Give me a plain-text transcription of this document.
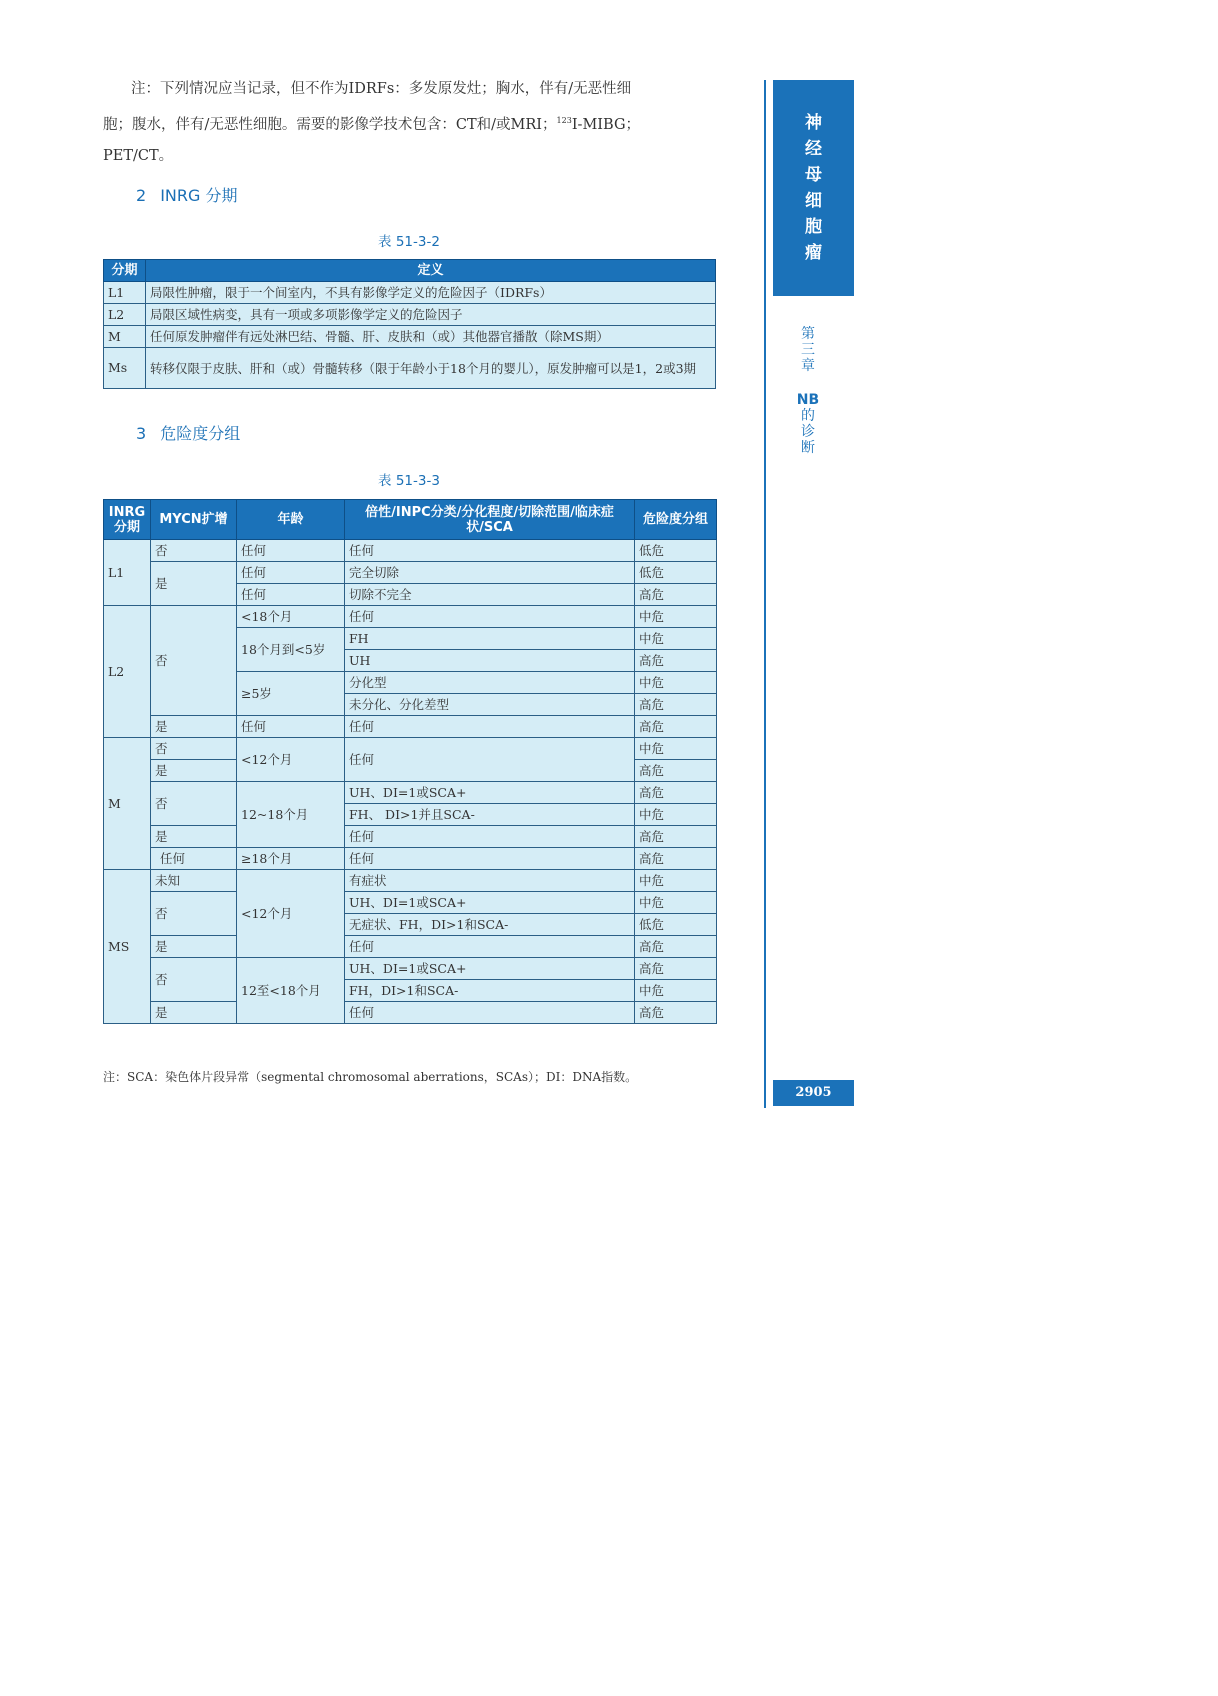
注：下列情况应当记录，但不作为IDRFs：多发原发灶；胸水，伴有/无恶性细
胞；腹水，伴有/无恶性细胞。需要的影像学技术包含：CT和/或MRI；$^{123}$I-MIBG；
PET/CT。
2 INRG 分期
表 51-3-2
分期	定义
L1	局限性肿瘤，限于一个间室内，不具有影像学定义的危险因子（IDRFs）
L2	局限区域性病变，具有一项或多项影像学定义的危险因子
M	任何原发肿瘤伴有远处淋巴结、骨髓、肝、皮肤和（或）其他器官播散（除MS期）
Ms	转移仅限于皮肤、肝和（或）骨髓转移（限于年龄小于18个月的婴儿），原发肿瘤可以是1，2或3期
3 危险度分组
表 51-3-3
INRG分期	MYCN扩增	年龄	倍性/INPC分类/分化程度/切除范围/临床症状/SCA	危险度分组
L1	否	任何	任何	低危
	是	任何	完全切除	低危
		任何	切除不完全	高危
L2	否	<18个月	任何	中危
		18个月到<5岁	FH	中危
			UH	高危
		≥5岁	分化型	中危
			未分化、分化差型	高危
	是	任何	任何	高危
M	否	<12个月	任何	中危
	是			高危
	否	12~18个月	UH、DI=1或SCA+	高危
			FH、 DI>1并且SCA-	中危
	是		任何	高危
	任何	≥18个月	任何	高危
MS	未知	<12个月	有症状	中危
	否		UH、DI=1或SCA+	中危
			无症状、FH，DI>1和SCA-	低危
	是		任何	高危
	否	12至<18个月	UH、DI=1或SCA+	高危
			FH，DI>1和SCA-	中危
	是		任何	高危
注：SCA：染色体片段异常（segmental chromosomal aberrations，SCAs）；DI：DNA指数。
神
经
母
细
胞
瘤
第
三
章
NB
的
诊
断
2905
